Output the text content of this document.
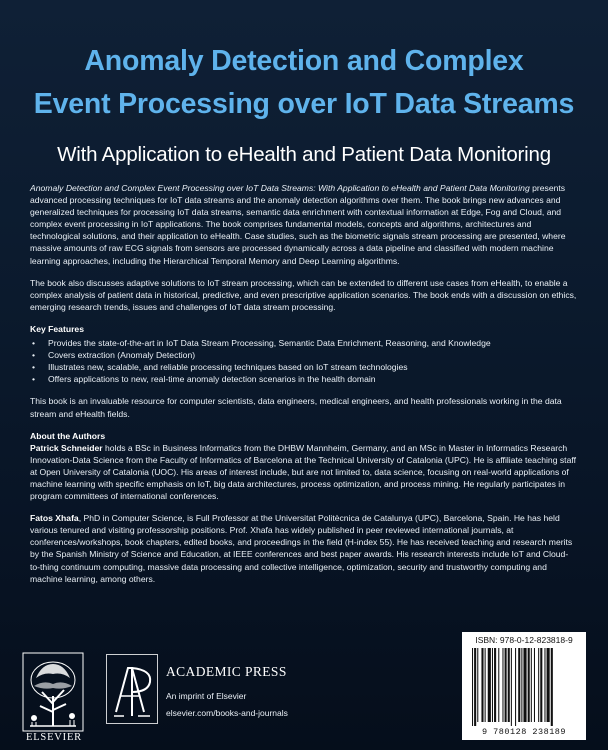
Anomaly Detection and Complex
Event Processing over IoT Data Streams
With Application to eHealth and Patient Data Monitoring

Anomaly Detection and Complex Event Processing over IoT Data Streams: With Application to eHealth and Patient Data Monitoring presents advanced processing techniques for IoT data streams and the anomaly detection algorithms over them. The book brings new advances and generalized techniques for processing IoT data streams, semantic data enrichment with contextual information at Edge, Fog and Cloud, and complex event processing in IoT applications. The book comprises fundamental models, concepts and algorithms, architectures and technological solutions, and their application to eHealth. Case studies, such as the biometric signals stream processing are presented, where massive amounts of raw ECG signals from sensors are processed dynamically across a data pipeline and classified with modern machine learning approaches, including the Hierarchical Temporal Memory and Deep Learning algorithms.

The book also discusses adaptive solutions to IoT stream processing, which can be extended to different use cases from eHealth, to enable a complex analysis of patient data in historical, predictive, and even prescriptive application scenarios. The book ends with a discussion on ethics, emerging research trends, issues and challenges of IoT data stream processing.

Key Features

• Provides the state-of-the-art in IoT Data Stream Processing, Semantic Data Enrichment, Reasoning, and Knowledge
• Covers extraction (Anomaly Detection)
• Illustrates new, scalable, and reliable processing techniques based on IoT stream technologies
• Offers applications to new, real-time anomaly detection scenarios in the health domain

This book is an invaluable resource for computer scientists, data engineers, medical engineers, and health professionals working in the data stream and eHealth fields.

About the Authors

Patrick Schneider holds a BSc in Business Informatics from the DHBW Mannheim, Germany, and an MSc in Master in Informatics Research Innovation-Data Science from the Faculty of Informatics of Barcelona at the Technical University of Catalonia (UPC). He is affiliate teaching staff at Open University of Catalonia (UOC). His areas of interest include, but are not limited to, data science, focusing on real-world applications of machine learning with specific emphasis on IoT, big data architectures, process optimization, and process mining. He regularly participates in program committees of international conferences.

Fatos Xhafa, PhD in Computer Science, is Full Professor at the Universitat Politècnica de Catalunya (UPC), Barcelona, Spain. He has held various tenured and visiting professorship positions. Prof. Xhafa has widely published in peer reviewed international journals, at conferences/workshops, book chapters, edited books, and proceedings in the field (H-index 55). He has received teaching and research merits by the Spanish Ministry of Science and Education, at IEEE conferences and best paper awards. His research interests include IoT and Cloud-to-thing continuum computing, massive data processing and collective intelligence, optimization, security and trustworthy computing and machine learning, among others.

ELSEVIER
ACADEMIC PRESS
An imprint of Elsevier
elsevier.com/books-and-journals
ISBN: 978-0-12-823818-9
9 780128 238189
